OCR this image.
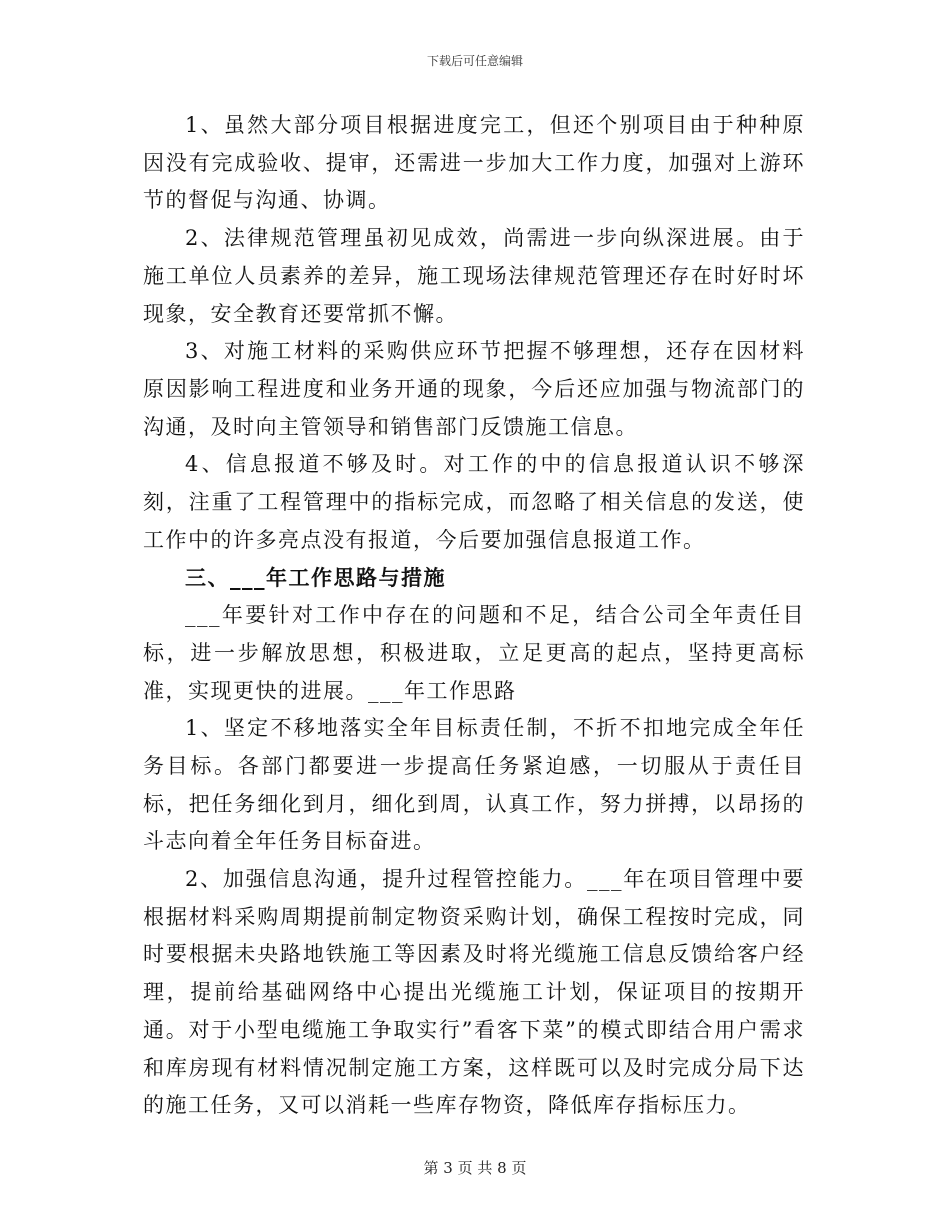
下载后可任意编辑

1、虽然大部分项目根据进度完工，但还个别项目由于种种原因没有完成验收、提审，还需进一步加大工作力度，加强对上游环节的督促与沟通、协调。

2、法律规范管理虽初见成效，尚需进一步向纵深进展。由于施工单位人员素养的差异，施工现场法律规范管理还存在时好时坏现象，安全教育还要常抓不懈。

3、对施工材料的采购供应环节把握不够理想，还存在因材料原因影响工程进度和业务开通的现象，今后还应加强与物流部门的沟通，及时向主管领导和销售部门反馈施工信息。

4、信息报道不够及时。对工作的中的信息报道认识不够深刻，注重了工程管理中的指标完成，而忽略了相关信息的发送，使工作中的许多亮点没有报道，今后要加强信息报道工作。

三、___年工作思路与措施

___年要针对工作中存在的问题和不足，结合公司全年责任目标，进一步解放思想，积极进取，立足更高的起点，坚持更高标准，实现更快的进展。___年工作思路

1、坚定不移地落实全年目标责任制，不折不扣地完成全年任务目标。各部门都要进一步提高任务紧迫感，一切服从于责任目标，把任务细化到月，细化到周，认真工作，努力拼搏，以昂扬的斗志向着全年任务目标奋进。

2、加强信息沟通，提升过程管控能力。___年在项目管理中要根据材料采购周期提前制定物资采购计划，确保工程按时完成，同时要根据未央路地铁施工等因素及时将光缆施工信息反馈给客户经理，提前给基础网络中心提出光缆施工计划，保证项目的按期开通。对于小型电缆施工争取实行”看客下菜”的模式即结合用户需求和库房现有材料情况制定施工方案，这样既可以及时完成分局下达的施工任务，又可以消耗一些库存物资，降低库存指标压力。

第 3 页 共 8 页
